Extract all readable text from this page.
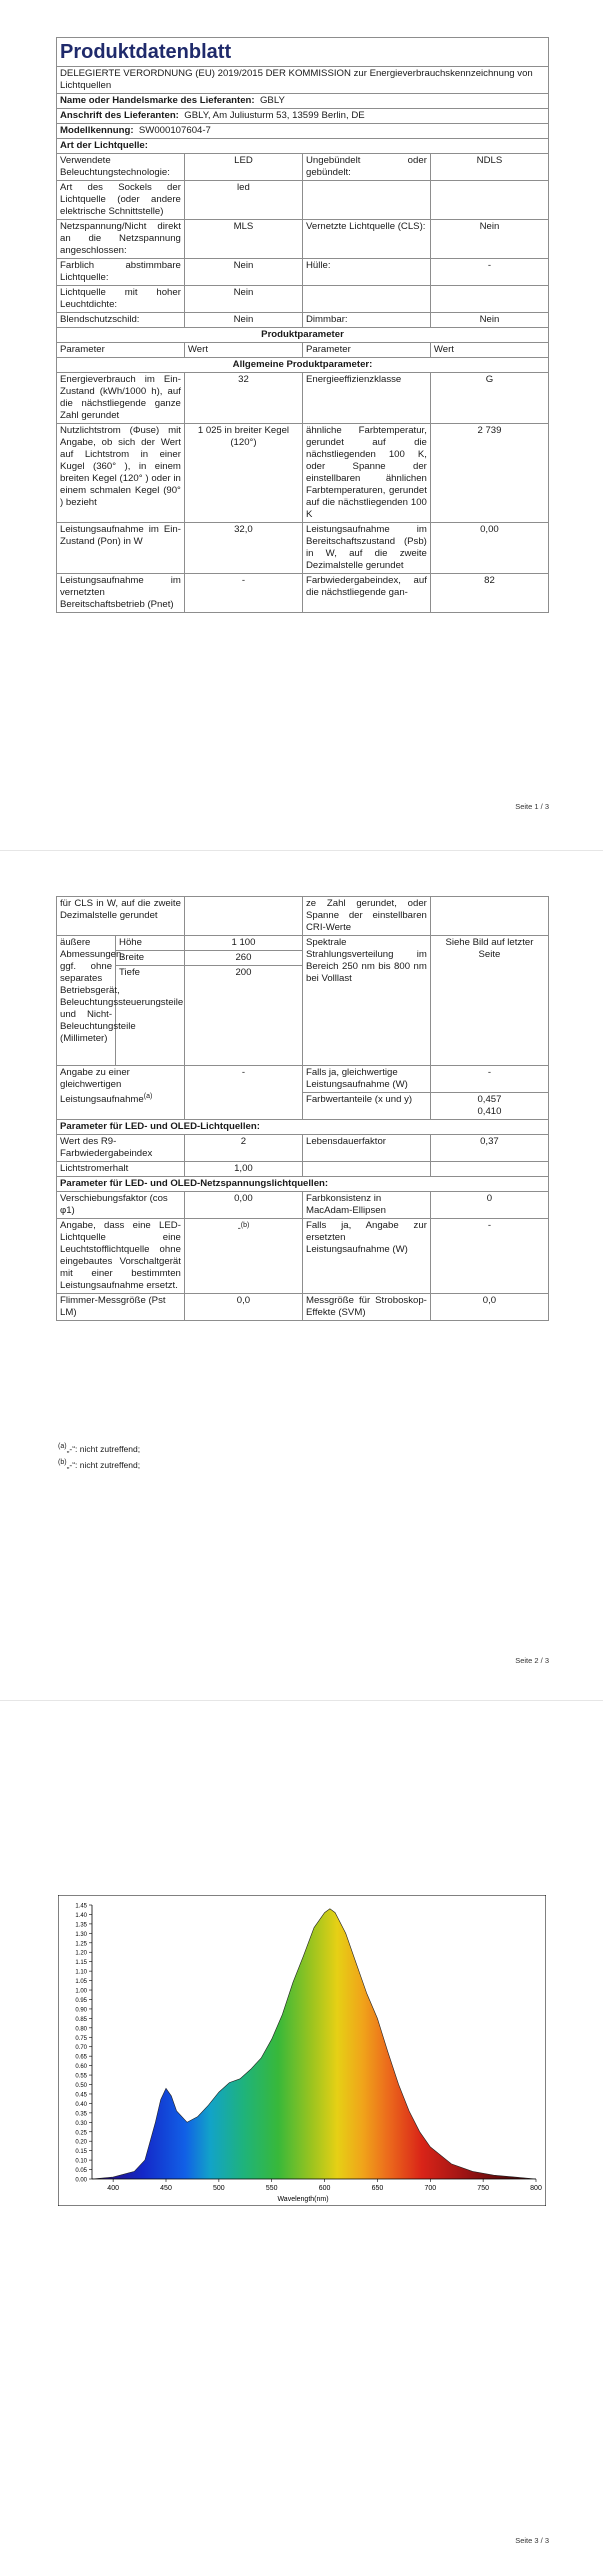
Produktdatenblatt			
DELEGIERTE VERORDNUNG (EU) 2019/2015 DER KOMMISSION zur Energieverbrauchskennzeichnung von Lichtquellen			
Name oder Handelsmarke des Lieferanten: GBLY			
Anschrift des Lieferanten: GBLY, Am Juliusturm 53, 13599 Berlin, DE			
Modellkennung: SW000107604-7			
Art der Lichtquelle:			
Verwendete Beleuchtungstechnologie:	LED	Ungebündelt oder gebündelt:	NDLS
Art des Sockels der Lichtquelle (oder andere elektrische Schnittstelle)	led		
Netzspannung/Nicht direkt an die Netzspannung angeschlossen:	MLS	Vernetzte Lichtquelle (CLS):	Nein
Farblich abstimmbare Lichtquelle:	Nein	Hülle:	-
Lichtquelle mit hoher Leuchtdichte:	Nein		
Blendschutzschild:	Nein	Dimmbar:	Nein
Produktparameter			
Parameter	Wert	Parameter	Wert
Allgemeine Produktparameter:			
Energieverbrauch im Ein-Zustand (kWh/1000 h), auf die nächstliegende ganze Zahl gerundet	32	Energieeffizienzklasse	G
Nutzlichtstrom (Φuse) mit Angabe, ob sich der Wert auf Lichtstrom in einer Kugel (360° ), in einem breiten Kegel (120° ) oder in einem schmalen Kegel (90° ) bezieht	1 025 in breiter Kegel (120°)	ähnliche Farbtemperatur, gerundet auf die nächstliegenden 100 K, oder Spanne der einstellbaren ähnlichen Farbtemperaturen, gerundet auf die nächstliegenden 100 K	2 739
Leistungsaufnahme im Ein-Zustand (Pon) in W	32,0	Leistungsaufnahme im Bereitschaftszustand (Psb) in W, auf die zweite Dezimalstelle gerundet	0,00
Leistungsaufnahme im vernetzten Bereitschaftsbetrieb (Pnet)	-	Farbwiedergabeindex, auf die nächstliegende gan-	82
Seite 1 / 3
für CLS in W, auf die zweite Dezimalstelle gerundet			ze Zahl gerundet, oder Spanne der einstellbaren CRI-Werte	
äußere Abmessungen, ggf. ohne separates Betriebsgerät, Beleuchtungssteuerungsteile und Nicht-Beleuchtungsteile (Millimeter)	Höhe	1 100	Spektrale Strahlungsverteilung im Bereich 250 nm bis 800 nm bei Volllast	Siehe Bild auf letzter Seite
	Breite	260		
	Tiefe	200		
Angabe zu einer gleichwertigen Leistungsaufnahme$^{(a)}$		-	Falls ja, gleichwertige Leistungsaufnahme (W)	-
			Farbwertanteile (x und y)	0,457
0,410

Parameter für LED- und OLED-Lichtquellen:				
Wert des R9-Farbwiedergabeindex		2	Lebensdauerfaktor	0,37
Lichtstromerhalt		1,00		
Parameter für LED- und OLED-Netzspannungslichtquellen:				
Verschiebungsfaktor (cos φ1)		0,00	Farbkonsistenz in MacAdam-Ellipsen	0
Angabe, dass eine LED-Lichtquelle eine Leuchtstofflichtquelle ohne eingebautes Vorschaltgerät mit einer bestimmten Leistungsaufnahme ersetzt.		-$^{(b)}$	Falls ja, Angabe zur ersetzten Leistungsaufnahme (W)	-
Flimmer-Messgröße (Pst LM)		0,0	Messgröße für Stroboskop-Effekte (SVM)	0,0
$^{(a)}$„-“: nicht zutreffend;
$^{(b)}$„-“: nicht zutreffend;
Seite 2 / 3
1.45
1.40
1.35
1.30
1.25
1.20
1.15
1.10
1.05
1.00
0.95
0.90
0.85
0.80
0.75
0.70
0.65
0.60
0.55
0.50
0.45
0.40
0.35
0.30
0.25
0.20
0.15
0.10
0.05
0.00
400	450	500	550	600	650	700	750	800
Wavelength(nm)
Seite 3 / 3
